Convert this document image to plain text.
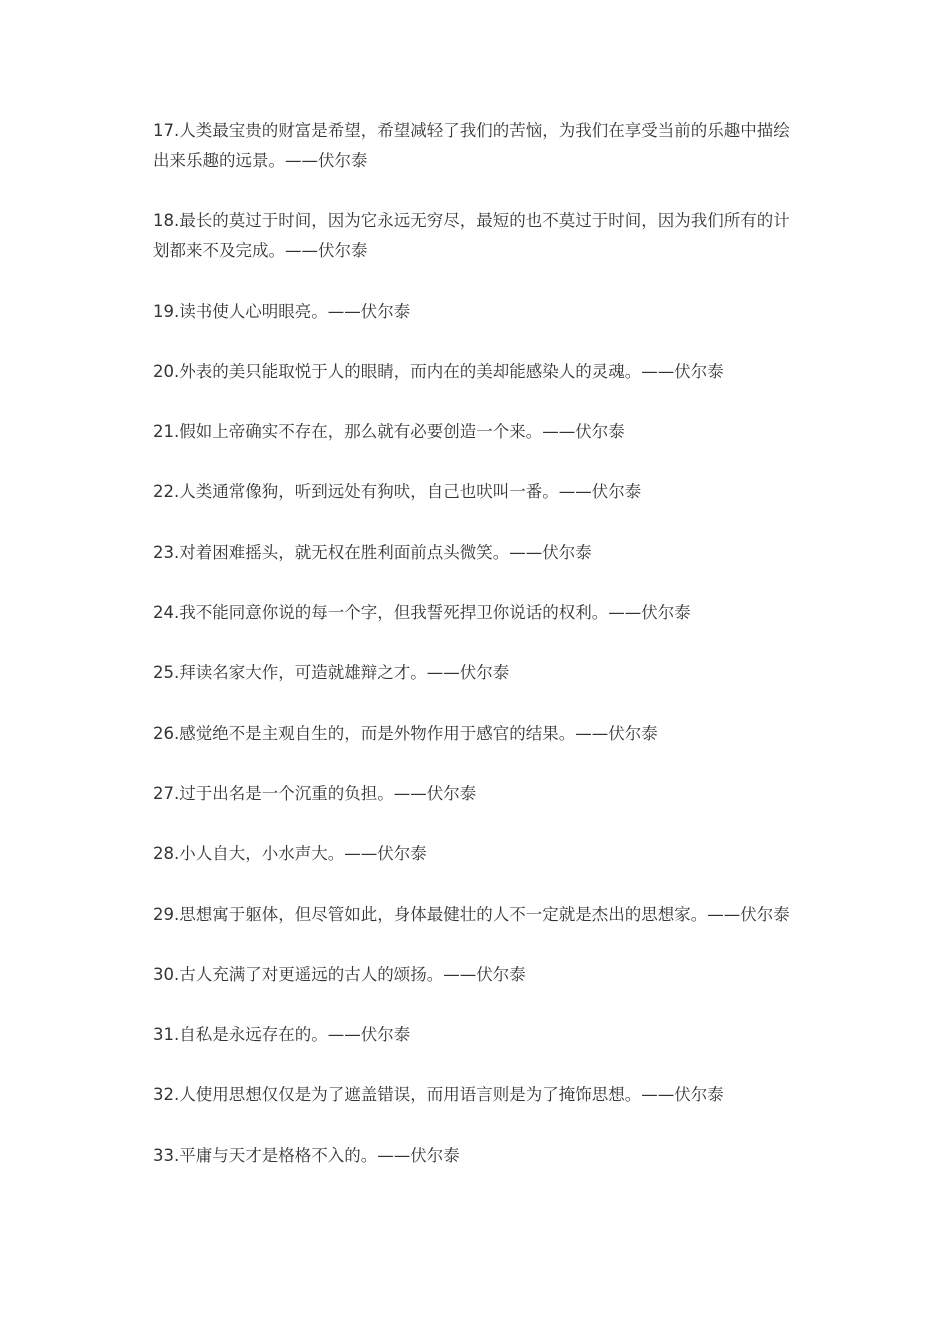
17.人类最宝贵的财富是希望，希望减轻了我们的苦恼，为我们在享受当前的乐趣中描绘出来乐趣的远景。——伏尔泰
18.最长的莫过于时间，因为它永远无穷尽，最短的也不莫过于时间，因为我们所有的计划都来不及完成。——伏尔泰
19.读书使人心明眼亮。——伏尔泰
20.外表的美只能取悦于人的眼睛，而内在的美却能感染人的灵魂。——伏尔泰
21.假如上帝确实不存在，那么就有必要创造一个来。——伏尔泰
22.人类通常像狗，听到远处有狗吠，自己也吠叫一番。——伏尔泰
23.对着困难摇头，就无权在胜利面前点头微笑。——伏尔泰
24.我不能同意你说的每一个字，但我誓死捍卫你说话的权利。——伏尔泰
25.拜读名家大作，可造就雄辩之才。——伏尔泰
26.感觉绝不是主观自生的，而是外物作用于感官的结果。——伏尔泰
27.过于出名是一个沉重的负担。——伏尔泰
28.小人自大，小水声大。——伏尔泰
29.思想寓于躯体，但尽管如此，身体最健壮的人不一定就是杰出的思想家。——伏尔泰
30.古人充满了对更遥远的古人的颂扬。——伏尔泰
31.自私是永远存在的。——伏尔泰
32.人使用思想仅仅是为了遮盖错误，而用语言则是为了掩饰思想。——伏尔泰
33.平庸与天才是格格不入的。——伏尔泰
